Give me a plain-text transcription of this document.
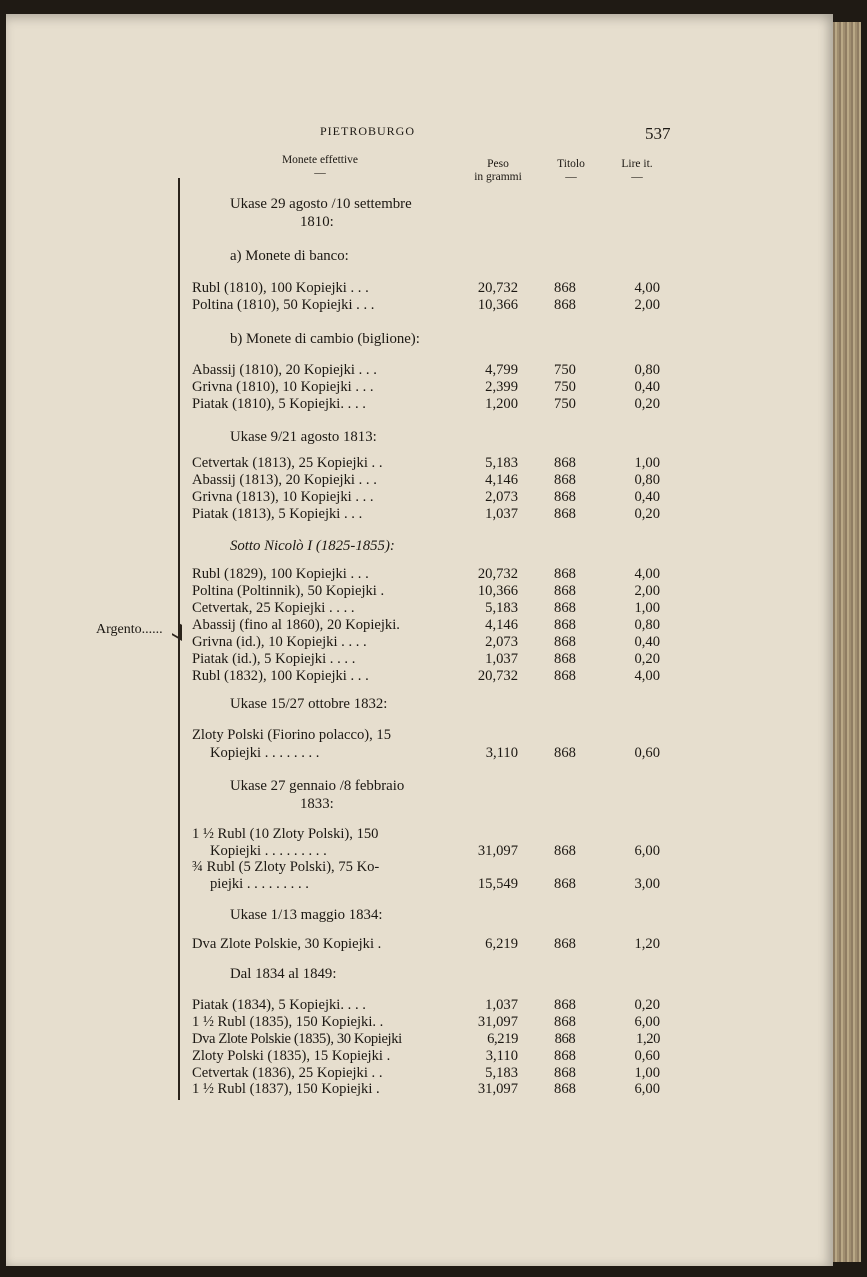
PIETROBURGO	537
Monete effettive
—
Peso
in grammi
Titolo
—
Lire it.
—
Argento......
Ukase 29 agosto /10 settembre
1810:
a) Monete di banco:
b) Monete di cambio (biglione):
Ukase 9/21 agosto 1813:
Sotto Nicolò I (1825-1855):
Ukase 15/27 ottobre 1832:
Ukase 27 gennaio /8 febbraio
1833:
Ukase 1/13 maggio 1834:
Dal 1834 al 1849:
Rubl (1810), 100 Kopiejki . . .	20,732	868	4,00
Poltina (1810), 50 Kopiejki . . .	10,366	868	2,00
Abassij (1810), 20 Kopiejki . . .	4,799	750	0,80
Grivna (1810), 10 Kopiejki . . .	2,399	750	0,40
Piatak (1810), 5 Kopiejki. . . .	1,200	750	0,20
Cetvertak (1813), 25 Kopiejki . .	5,183	868	1,00
Abassij (1813), 20 Kopiejki . . .	4,146	868	0,80
Grivna (1813), 10 Kopiejki . . .	2,073	868	0,40
Piatak (1813), 5 Kopiejki . . .	1,037	868	0,20
Rubl (1829), 100 Kopiejki . . .	20,732	868	4,00
Poltina (Poltinnik), 50 Kopiejki .	10,366	868	2,00
Cetvertak, 25 Kopiejki . . . .	5,183	868	1,00
Abassij (fino al 1860), 20 Kopiejki.	4,146	868	0,80
Grivna (id.), 10 Kopiejki . . . .	2,073	868	0,40
Piatak (id.), 5 Kopiejki . . . .	1,037	868	0,20
Rubl (1832), 100 Kopiejki . . .	20,732	868	4,00
Zloty Polski (Fiorino polacco), 15
Kopiejki . . . . . . . .	3,110	868	0,60
1 ½ Rubl (10 Zloty Polski), 150
Kopiejki . . . . . . . . .	31,097	868	6,00
¾ Rubl (5 Zloty Polski), 75 Ko-
piejki . . . . . . . . .	15,549	868	3,00
Dva Zlote Polskie, 30 Kopiejki .	6,219	868	1,20
Piatak (1834), 5 Kopiejki. . . .	1,037	868	0,20
1 ½ Rubl (1835), 150 Kopiejki. .	31,097	868	6,00
Dva Zlote Polskie (1835), 30 Kopiejki	6,219	868	1,20
Zloty Polski (1835), 15 Kopiejki .	3,110	868	0,60
Cetvertak (1836), 25 Kopiejki . .	5,183	868	1,00
1 ½ Rubl (1837), 150 Kopiejki .	31,097	868	6,00
